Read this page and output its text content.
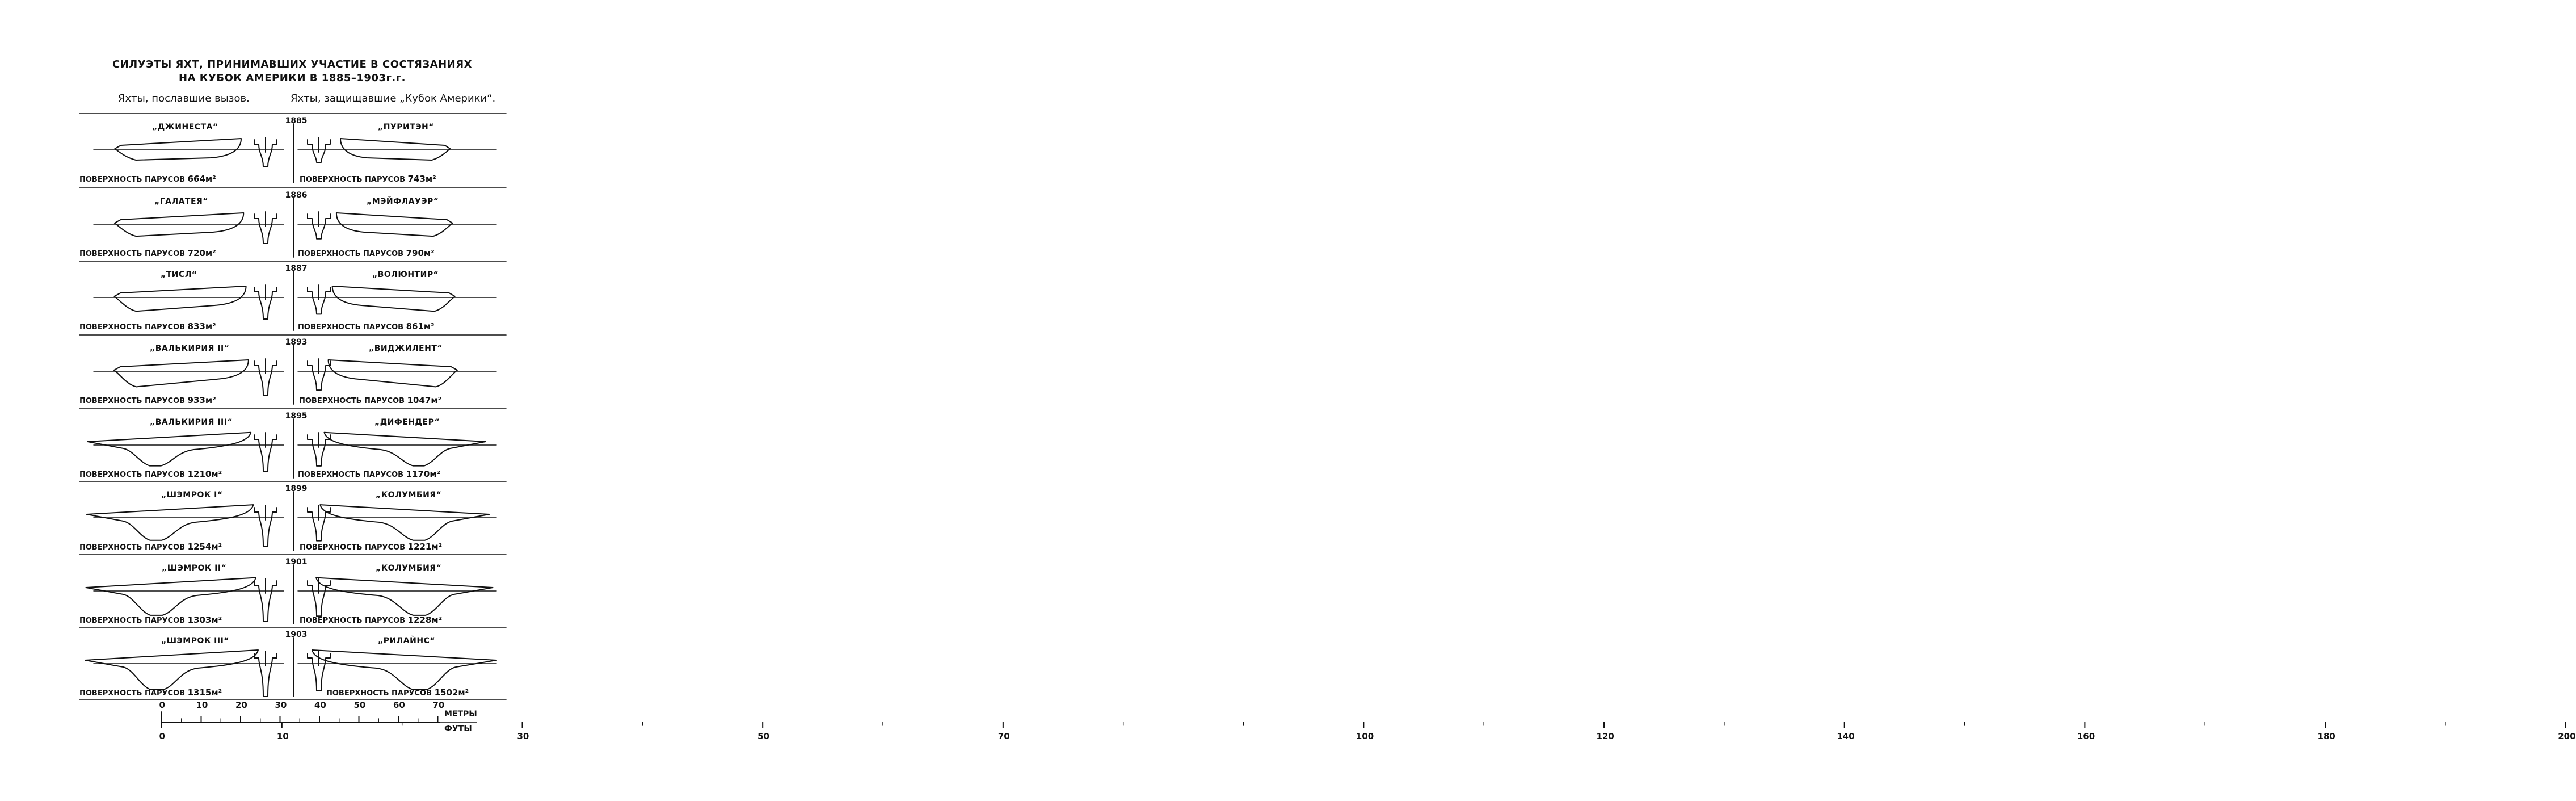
СИЛУЭТЫ ЯХТ, ПРИНИМАВШИХ УЧАСТИЕ В СОСТЯЗАНИЯХ
НА КУБОК АМЕРИКИ В 1885–1903г.г.
Яхты, пославшие вызов.	Яхты, защищавшие „Кубок Америки“.
1885
„ДЖИНЕСТА“	„ПУРИТЭН“
ПОВЕРХНОСТЬ ПАРУСОВ 664м²	ПОВЕРХНОСТЬ ПАРУСОВ 743м²
1886
„ГАЛАТЕЯ“	„МЭЙФЛАУЭР“
ПОВЕРХНОСТЬ ПАРУСОВ 720м²	ПОВЕРХНОСТЬ ПАРУСОВ 790м²
1887
„ТИСЛ“	„ВОЛЮНТИР“
ПОВЕРХНОСТЬ ПАРУСОВ 833м²	ПОВЕРХНОСТЬ ПАРУСОВ 861м²
1893
„ВАЛЬКИРИЯ II“	„ВИДЖИЛЕНТ“
ПОВЕРХНОСТЬ ПАРУСОВ 933м²	ПОВЕРХНОСТЬ ПАРУСОВ 1047м²
1895
„ВАЛЬКИРИЯ III“	„ДИФЕНДЕР“
ПОВЕРХНОСТЬ ПАРУСОВ 1210м²	ПОВЕРХНОСТЬ ПАРУСОВ 1170м²
1899
„ШЭМРОК I“	„КОЛУМБИЯ“
ПОВЕРХНОСТЬ ПАРУСОВ 1254м²	ПОВЕРХНОСТЬ ПАРУСОВ 1221м²
1901
„ШЭМРОК II“	„КОЛУМБИЯ“
ПОВЕРХНОСТЬ ПАРУСОВ 1303м²	ПОВЕРХНОСТЬ ПАРУСОВ 1228м²
1903
„ШЭМРОК III“	„РИЛАЙНС“
ПОВЕРХНОСТЬ ПАРУСОВ 1315м²	ПОВЕРХНОСТЬ ПАРУСОВ 1502м²
0	10	20	30	40	50	60	70
0	10	30	50	70	100	120	140	160	180	200
МЕТРЫ
ФУТЫ
